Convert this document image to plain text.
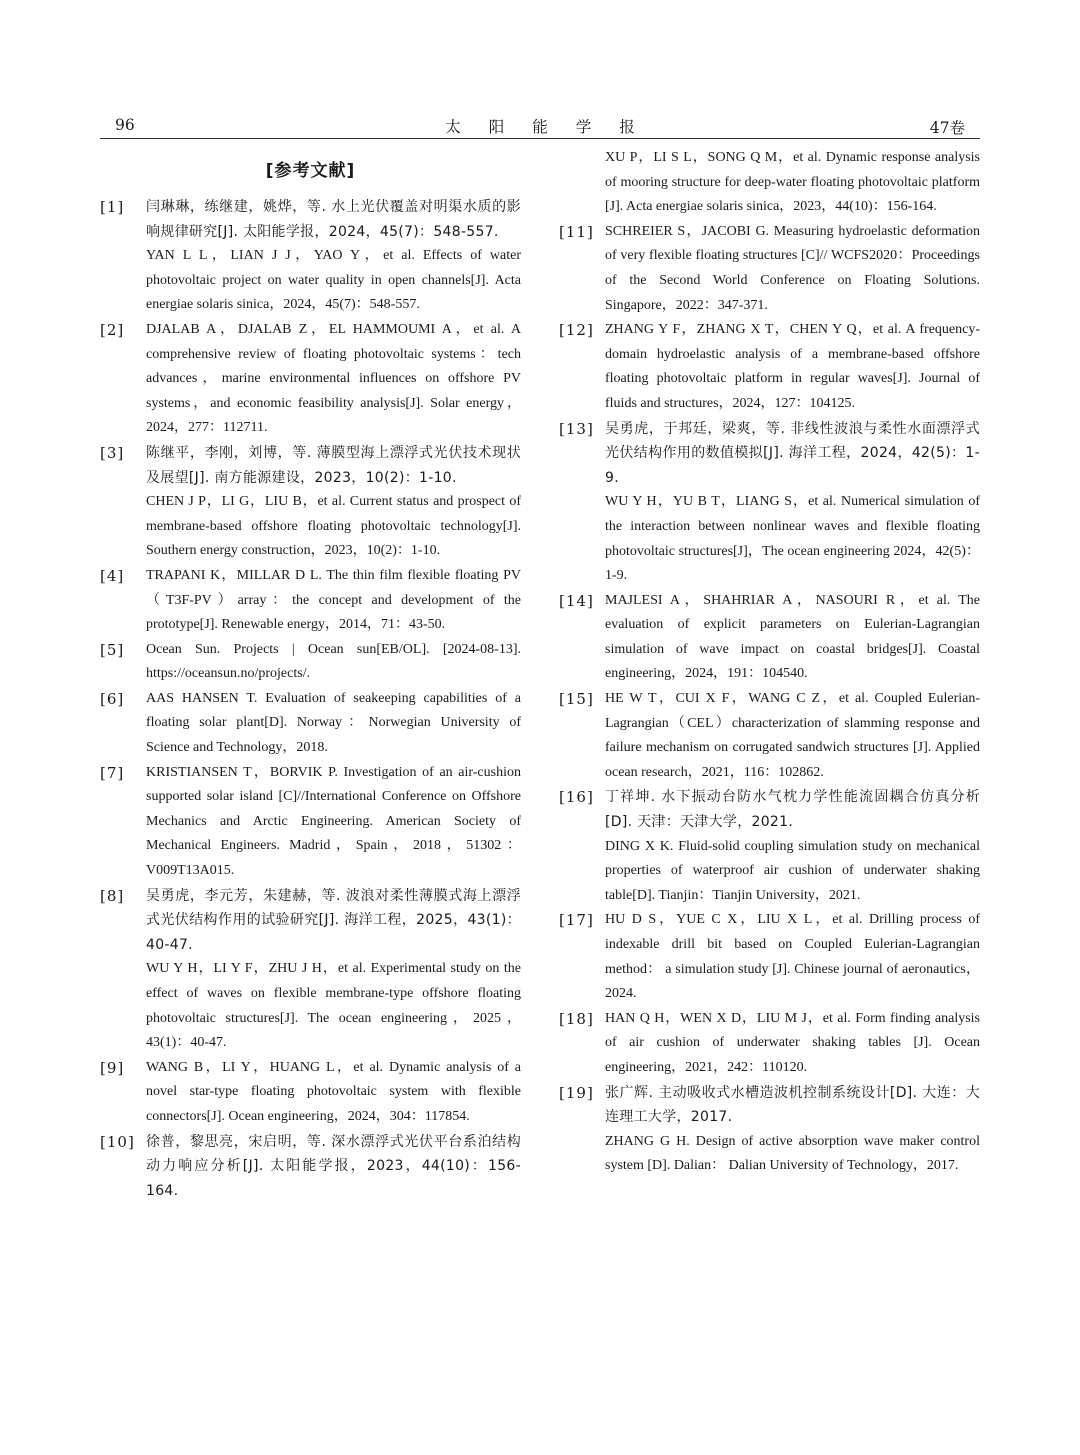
96	太阳能学报	47卷
[参考文献]
[1] 闫琳琳，练继建，姚烨，等. 水上光伏覆盖对明渠水质的影响规律研究[J]. 太阳能学报，2024，45(7)：548-557.
YAN L L，LIAN J J，YAO Y，et al. Effects of water photovoltaic project on water quality in open channels[J]. Acta energiae solaris sinica，2024，45(7)：548-557.
[2] DJALAB A，DJALAB Z，EL HAMMOUMI A，et al. A comprehensive review of floating photovoltaic systems：tech advances，marine environmental influences on offshore PV systems，and economic feasibility analysis[J]. Solar energy，2024，277：112711.
[3] 陈继平，李刚，刘博，等. 薄膜型海上漂浮式光伏技术现状及展望[J]. 南方能源建设，2023，10(2)：1-10.
CHEN J P，LI G，LIU B，et al. Current status and prospect of membrane-based offshore floating photovoltaic technology[J]. Southern energy construction，2023，10(2)：1-10.
[4] TRAPANI K，MILLAR D L. The thin film flexible floating PV（T3F-PV）array：the concept and development of the prototype[J]. Renewable energy，2014，71：43-50.
[5] Ocean Sun. Projects | Ocean sun[EB/OL]. [2024-08-13]. https://oceansun.no/projects/.
[6] AAS HANSEN T. Evaluation of seakeeping capabilities of a floating solar plant[D]. Norway：Norwegian University of Science and Technology，2018.
[7] KRISTIANSEN T，BORVIK P. Investigation of an air-cushion supported solar island [C]//International Conference on Offshore Mechanics and Arctic Engineering. American Society of Mechanical Engineers. Madrid，Spain，2018，51302：V009T13A015.
[8] 吴勇虎，李元芳，朱建赫，等. 波浪对柔性薄膜式海上漂浮式光伏结构作用的试验研究[J]. 海洋工程，2025，43(1)：40-47.
WU Y H，LI Y F，ZHU J H，et al. Experimental study on the effect of waves on flexible membrane-type offshore floating photovoltaic structures[J]. The ocean engineering，2025，43(1)：40-47.
[9] WANG B，LI Y，HUANG L，et al. Dynamic analysis of a novel star-type floating photovoltaic system with flexible connectors[J]. Ocean engineering，2024，304：117854.
[10] 徐普，黎思亮，宋启明，等. 深水漂浮式光伏平台系泊结构动力响应分析[J]. 太阳能学报，2023，44(10)：156-164.
XU P，LI S L，SONG Q M，et al. Dynamic response analysis of mooring structure for deep-water floating photovoltaic platform [J]. Acta energiae solaris sinica，2023，44(10)：156-164.
[11] SCHREIER S，JACOBI G. Measuring hydroelastic deformation of very flexible floating structures [C]// WCFS2020：Proceedings of the Second World Conference on Floating Solutions. Singapore，2022：347-371.
[12] ZHANG Y F，ZHANG X T，CHEN Y Q，et al. A frequency-domain hydroelastic analysis of a membrane-based offshore floating photovoltaic platform in regular waves[J]. Journal of fluids and structures，2024，127：104125.
[13] 吴勇虎，于邦廷，梁爽，等. 非线性波浪与柔性水面漂浮式光伏结构作用的数值模拟[J]. 海洋工程，2024，42(5)：1-9.
WU Y H，YU B T，LIANG S，et al. Numerical simulation of the interaction between nonlinear waves and flexible floating photovoltaic structures[J]，The ocean engineering 2024，42(5)：1-9.
[14] MAJLESI A，SHAHRIAR A，NASOURI R，et al. The evaluation of explicit parameters on Eulerian-Lagrangian simulation of wave impact on coastal bridges[J]. Coastal engineering，2024，191：104540.
[15] HE W T，CUI X F，WANG C Z，et al. Coupled Eulerian-Lagrangian（CEL）characterization of slamming response and failure mechanism on corrugated sandwich structures [J]. Applied ocean research，2021，116：102862.
[16] 丁祥坤. 水下振动台防水气枕力学性能流固耦合仿真分析[D]. 天津：天津大学，2021.
DING X K. Fluid-solid coupling simulation study on mechanical properties of waterproof air cushion of underwater shaking table[D]. Tianjin：Tianjin University，2021.
[17] HU D S，YUE C X，LIU X L，et al. Drilling process of indexable drill bit based on Coupled Eulerian-Lagrangian method： a simulation study [J]. Chinese journal of aeronautics，2024.
[18] HAN Q H，WEN X D，LIU M J，et al. Form finding analysis of air cushion of underwater shaking tables [J]. Ocean engineering，2021，242：110120.
[19] 张广辉. 主动吸收式水槽造波机控制系统设计[D]. 大连：大连理工大学，2017.
ZHANG G H. Design of active absorption wave maker control system [D]. Dalian： Dalian University of Technology，2017.
